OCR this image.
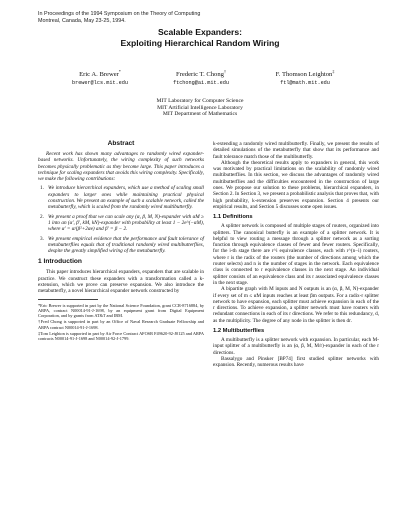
In Proceedings of the 1994 Symposium on the Theory of Computing
Montreal, Canada, May 23-25, 1994.
Scalable Expanders:
Exploiting Hierarchical Random Wiring
Eric A. Brewer*
brewer@lcs.mit.edu
Frederic T. Chong†
ftchong@ai.mit.edu
F. Thomson Leighton‡
ftl@math.mit.edu
MIT Laboratory for Computer Science
MIT Artificial Intelligence Laboratory
MIT Department of Mathematics
Abstract

Recent work has shown many advantages to randomly wired expander-based networks. Unfortunately, the wiring complexity of such networks becomes physically problematic as they become large. This paper introduces a technique for scaling expanders that avoids this wiring complexity. Specifically, we make the following contributions:

1. We introduce hierarchical expanders, which use a method of scaling small expanders to larger ones while maintaining practical physical construction. We present an example of such a scalable network, called the metabutterfly, which is scaled from the randomly wired multibutterfly.
2. We present a proof that we can scale any (α, β, M, N)-expander with αM ≥ 1 into an (α′, β′, kM, kN)-expander with probability at least 1 − 2e^(−αM), where α′ = α/(β²+2αe) and β′ = β − 2.
3. We present empirical evidence that the performance and fault tolerance of metabutterflies equals that of traditional randomly wired multibutterflies, despite the greatly simplified wiring of the metabutterfly.
1 Introduction

This paper introduces hierarchical expanders, expanders that are scalable in practice. We construct these expanders with a transformation called a k-extension, which we prove can preserve expansion. We also introduce the metabutterfly, a novel hierarchical expander network constructed by

*Eric Brewer is supported in part by the National Science Foundation, grant CCR-8716884, by ARPA, contract N00014-91-J-1698, by an equipment grant from Digital Equipment Corporation, and by grants from AT&T and IBM.

†Fred Chong is supported in part by an Office of Naval Research Graduate Fellowship and ARPA contract N00014-91-J-1698.

‡Tom Leighton is supported in part by Air Force Contract AFOSR F49620-92-J0125 and ARPA contracts N00014-91-J-1698 and N00014-92-J-1799.

k-extending a randomly wired multibutterfly. Finally, we present the results of detailed simulations of the metabutterfly that show that its performance and fault tolerance match those of the multibutterfly.

Although the theoretical results apply to expanders in general, this work was motivated by practical limitations on the scalability of randomly wired multibutterflies. In this section, we discuss the advantages of randomly wired multibutterflies and the difficulties encountered in the construction of large ones. We propose our solution to these problems, hierarchical expanders, in Section 2. In Section 3, we present a probabilistic analysis that proves that, with high probability, k-extension preserves expansion. Section 4 presents our empirical results, and Section 5 discusses some open issues.

1.1 Definitions

A splitter network is composed of multiple stages of routers, organized into splitters. The canonical butterfly is an example of a splitter network. It is helpful to view routing a message through a splitter network as a sorting function through equivalence classes of fewer and fewer routers. Specifically, for the i-th stage there are r^i equivalence classes, each with r^(n−i) routers, where r is the radix of the routers (the number of directions among which the router selects) and n is the number of stages in the network. Each equivalence class is connected to r equivalence classes in the next stage. An individual splitter consists of an equivalence class and its r associated equivalence classes in the next stage.

A bipartite graph with M inputs and N outputs is an (α, β, M, N)-expander if every set of m ≤ αM inputs reaches at least βm outputs. For a radix-r splitter network to have expansion, each splitter must achieve expansion in each of the r directions. To achieve expansion, a splitter network must have routers with redundant connections in each of its r directions. We refer to this redundancy, d, as the multiplicity. The degree of any node in the splitter is then dr.

1.2 Multibutterflies

A multibutterfly is a splitter network with expansion. In particular, each M-input splitter of a multibutterfly is an (α, β, M, M/r)-expander in each of the r directions.

Bassalygo and Pinsker [BP74] first studied splitter networks with expansion. Recently, numerous results have
